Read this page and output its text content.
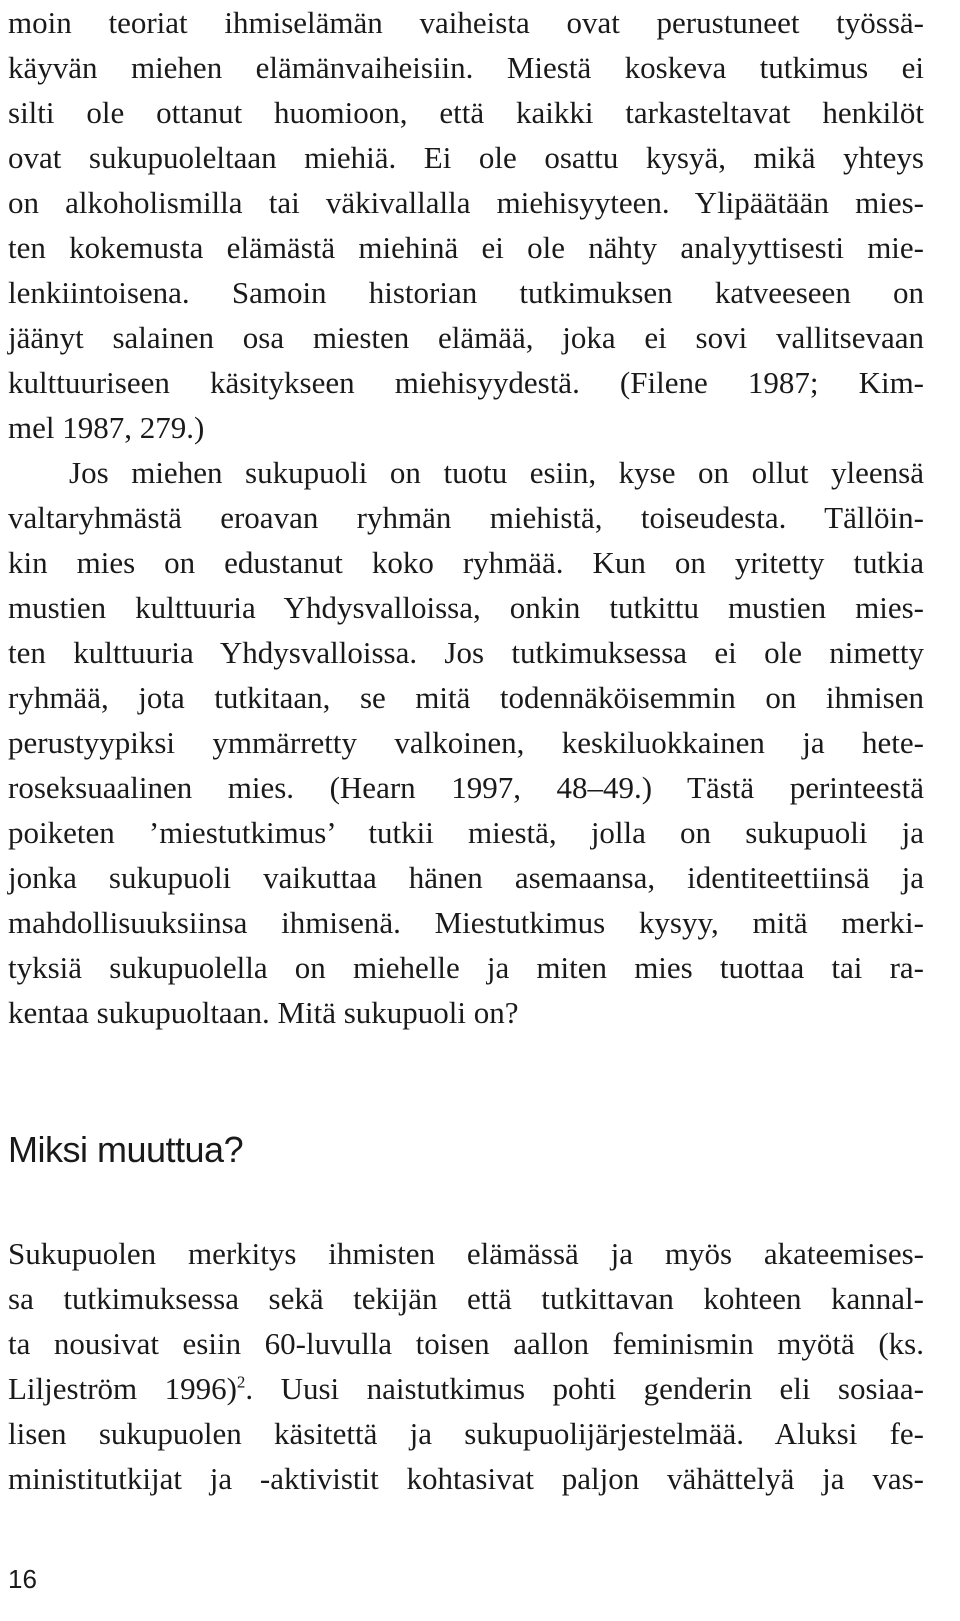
moin teoriat ihmiselämän vaiheista ovat perustuneet työssä-
käyvän miehen elämänvaiheisiin. Miestä koskeva tutkimus ei
silti ole ottanut huomioon, että kaikki tarkasteltavat henkilöt
ovat sukupuoleltaan miehiä. Ei ole osattu kysyä, mikä yhteys
on alkoholismilla tai väkivallalla miehisyyteen. Ylipäätään mies-
ten kokemusta elämästä miehinä ei ole nähty analyyttisesti mie-
lenkiintoisena. Samoin historian tutkimuksen katveeseen on
jäänyt salainen osa miesten elämää, joka ei sovi vallitsevaan
kulttuuriseen käsitykseen miehisyydestä. (Filene 1987; Kim-
mel 1987, 279.)
Jos miehen sukupuoli on tuotu esiin, kyse on ollut yleensä
valtaryhmästä eroavan ryhmän miehistä, toiseudesta. Tällöin-
kin mies on edustanut koko ryhmää. Kun on yritetty tutkia
mustien kulttuuria Yhdysvalloissa, onkin tutkittu mustien mies-
ten kulttuuria Yhdysvalloissa. Jos tutkimuksessa ei ole nimetty
ryhmää, jota tutkitaan, se mitä todennäköisemmin on ihmisen
perustyypiksi ymmärretty valkoinen, keskiluokkainen ja hete-
roseksuaalinen mies. (Hearn 1997, 48–49.) Tästä perinteestä
poiketen ’miestutkimus’ tutkii miestä, jolla on sukupuoli ja
jonka sukupuoli vaikuttaa hänen asemaansa, identiteettiinsä ja
mahdollisuuksiinsa ihmisenä. Miestutkimus kysyy, mitä merki-
tyksiä sukupuolella on miehelle ja miten mies tuottaa tai ra-
kentaa sukupuoltaan. Mitä sukupuoli on?
Miksi muuttua?
Sukupuolen merkitys ihmisten elämässä ja myös akateemises-
sa tutkimuksessa sekä tekijän että tutkittavan kohteen kannal-
ta nousivat esiin 60-luvulla toisen aallon feminismin myötä (ks.
Liljeström 1996)$^2$. Uusi naistutkimus pohti genderin eli sosiaa-
lisen sukupuolen käsitettä ja sukupuolijärjestelmää. Aluksi fe-
ministitutkijat ja -aktivistit kohtasivat paljon vähättelyä ja vas-
16
